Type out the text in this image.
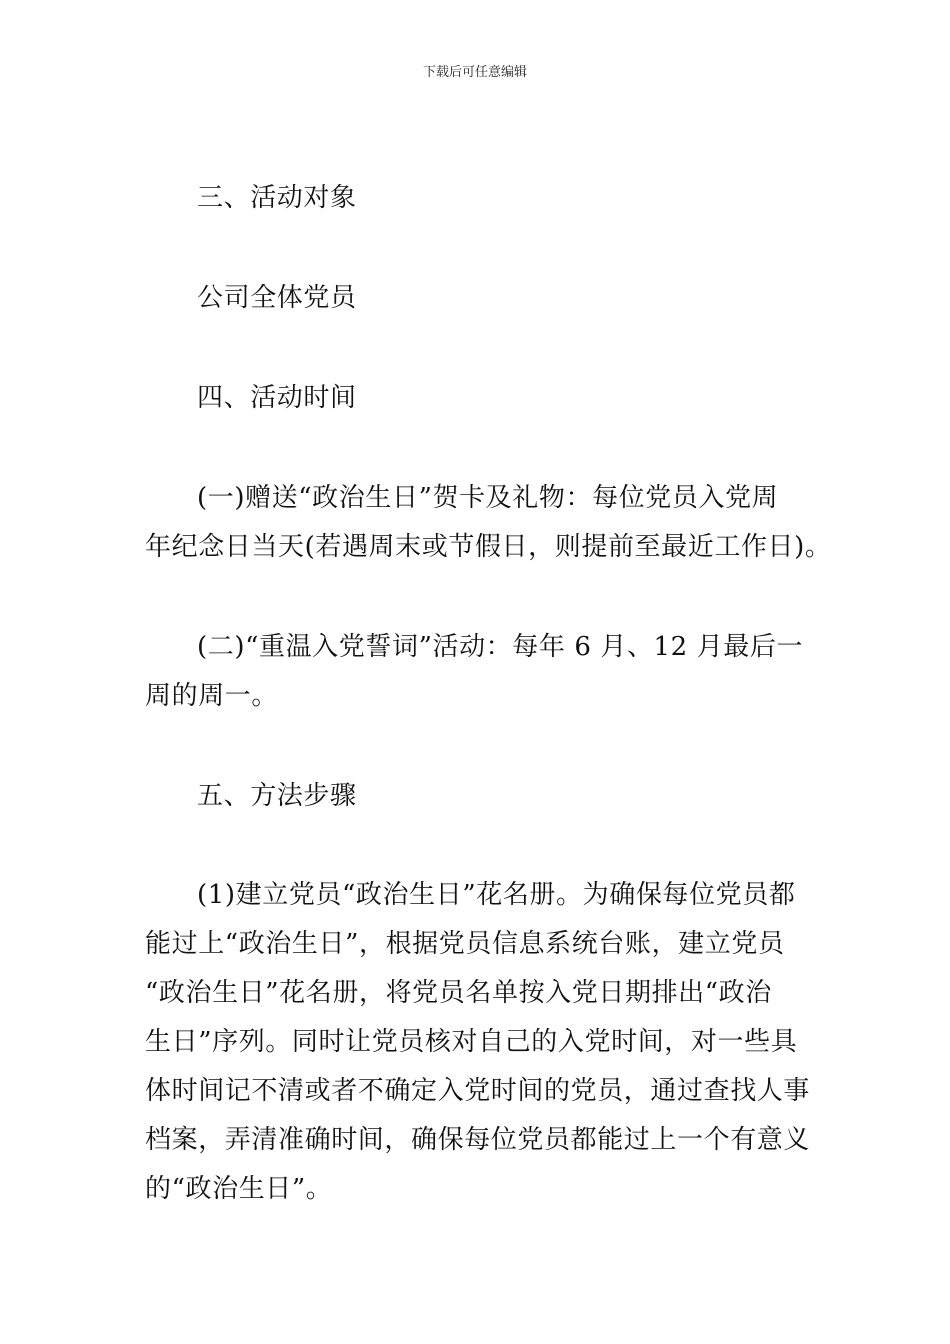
下载后可任意编辑

三、活动对象

公司全体党员

四、活动时间

(一)赠送“政治生日”贺卡及礼物：每位党员入党周
年纪念日当天(若遇周末或节假日，则提前至最近工作日)。
(二)“重温入党誓词”活动：每年 6 月、12 月最后一
周的周一。

五、方法步骤

(1)建立党员“政治生日”花名册。为确保每位党员都
能过上“政治生日”，根据党员信息系统台账，建立党员
“政治生日”花名册，将党员名单按入党日期排出“政治
生日”序列。同时让党员核对自己的入党时间，对一些具
体时间记不清或者不确定入党时间的党员，通过查找人事
档案，弄清准确时间，确保每位党员都能过上一个有意义
的“政治生日”。
